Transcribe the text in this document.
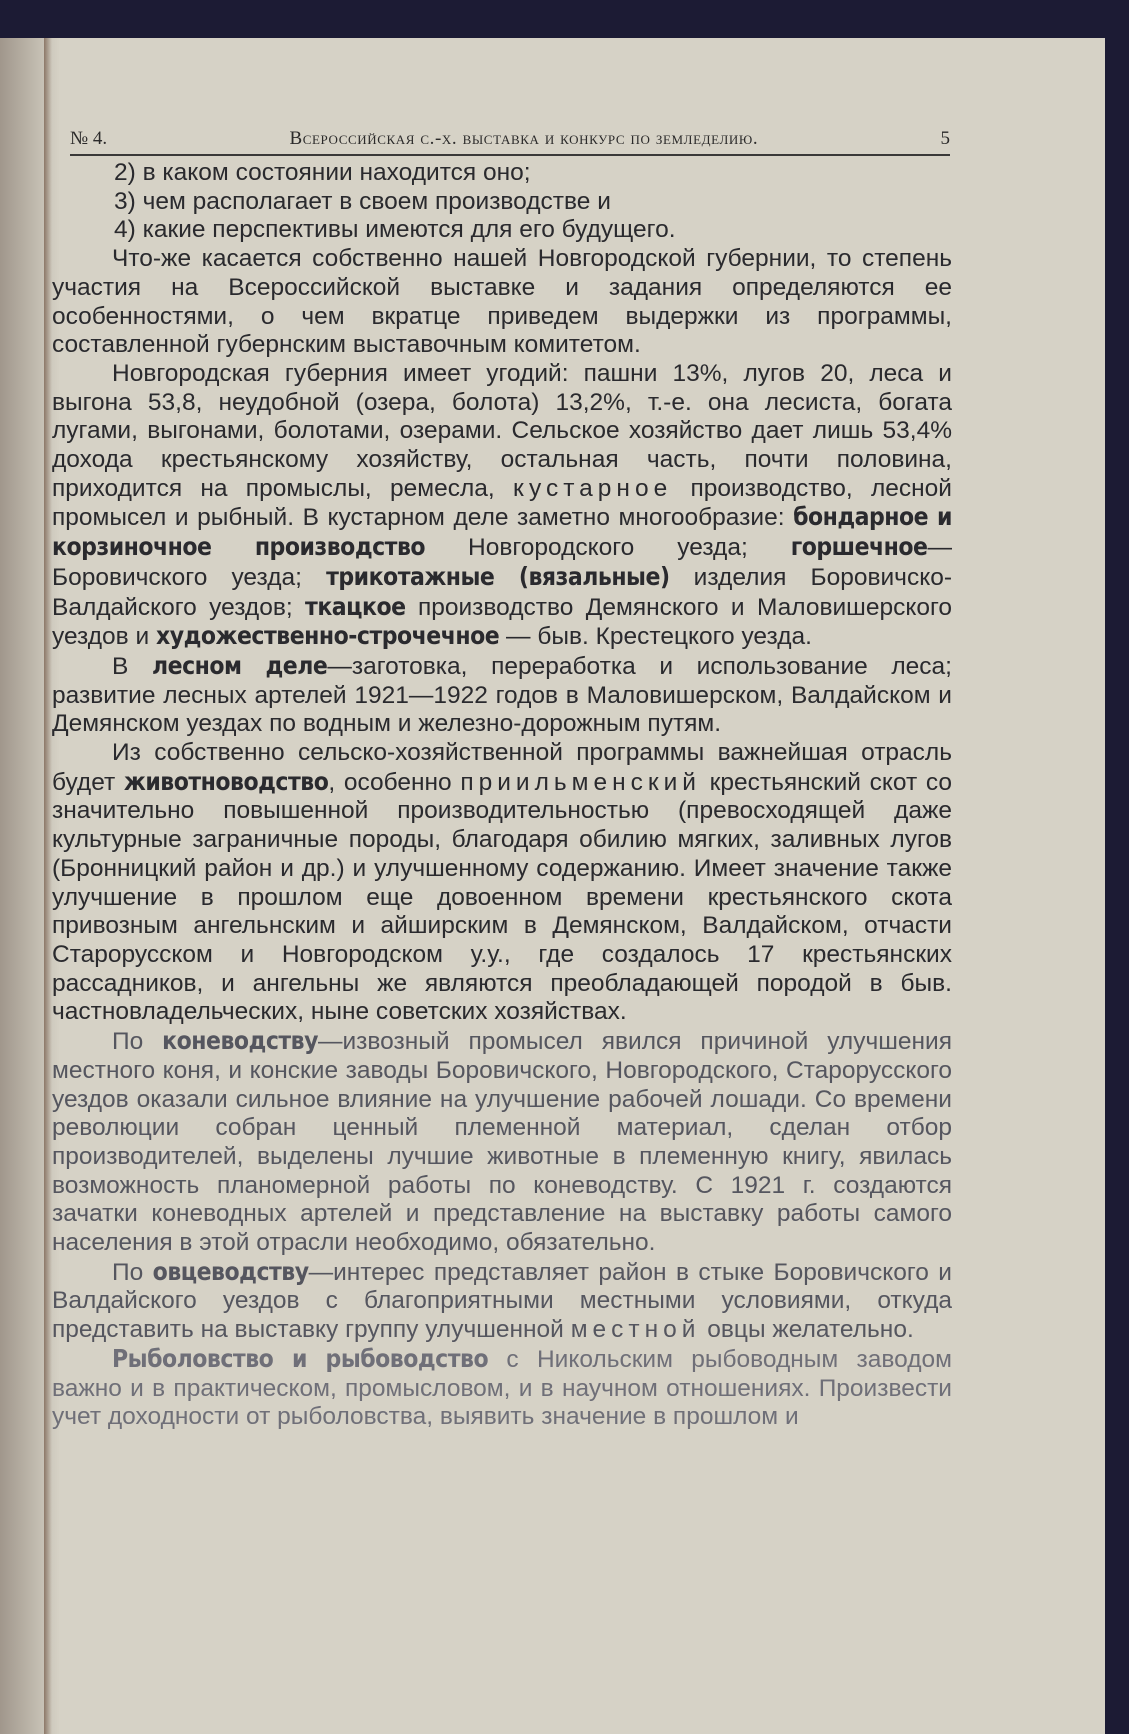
№ 4.	Всероссийская с.-х. выставка и конкурс по земледелию.	5

2) в каком состоянии находится оно;

3) чем располагает в своем производстве и

4) какие перспективы имеются для его будущего.

Что-же касается собственно нашей Новгородской губернии, то степень участия на Всероссийской выставке и задания определяются ее особенностями, о чем вкратце приведем выдержки из программы, составленной губернским выставочным комитетом.

Новгородская губерния имеет угодий: пашни 13%, лугов 20, леса и выгона 53,8, неудобной (озера, болота) 13,2%, т.-е. она лесиста, богата лугами, выгонами, болотами, озерами. Сельское хозяйство дает лишь 53,4% дохода крестьянскому хозяйству, остальная часть, почти половина, приходится на промыслы, ремесла, кустарное производство, лесной промысел и рыбный. В кустарном деле заметно многообразие: бондарное и корзиночное производство Новгородского уезда; горшечное—Боровичского уезда; трикотажные (вязальные) изделия Боровичско-Валдайского уездов; ткацкое производство Демянского и Маловишерского уездов и художественно-строчечное — быв. Крестецкого уезда.

В лесном деле—заготовка, переработка и использование леса; развитие лесных артелей 1921—1922 годов в Маловишерском, Валдайском и Демянском уездах по водным и железно-дорожным путям.

Из собственно сельско-хозяйственной программы важнейшая отрасль будет животноводство, особенно приильменский крестьянский скот со значительно повышенной производительностью (превосходящей даже культурные заграничные породы, благодаря обилию мягких, заливных лугов (Бронницкий район и др.) и улучшенному содержанию. Имеет значение также улучшение в прошлом еще довоенном времени крестьянского скота привозным ангельнским и айширским в Демянском, Валдайском, отчасти Старорусском и Новгородском у.у., где создалось 17 крестьянских рассадников, и ангельны же являются преобладающей породой в быв. частновладельческих, ныне советских хозяйствах.

По коневодству—извозный промысел явился причиной улучшения местного коня, и конские заводы Боровичского, Новгородского, Старорусского уездов оказали сильное влияние на улучшение рабочей лошади. Со времени революции собран ценный племенной материал, сделан отбор производителей, выделены лучшие животные в племенную книгу, явилась возможность планомерной работы по коневодству. С 1921 г. создаются зачатки коневодных артелей и представление на выставку работы самого населения в этой отрасли необходимо, обязательно.

По овцеводству—интерес представляет район в стыке Боровичского и Валдайского уездов с благоприятными местными условиями, откуда представить на выставку группу улучшенной местной овцы желательно.

Рыболовство и рыбоводство с Никольским рыбоводным заводом важно и в практическом, промысловом, и в научном отношениях. Произвести учет доходности от рыболовства, выявить значение в прошлом и
